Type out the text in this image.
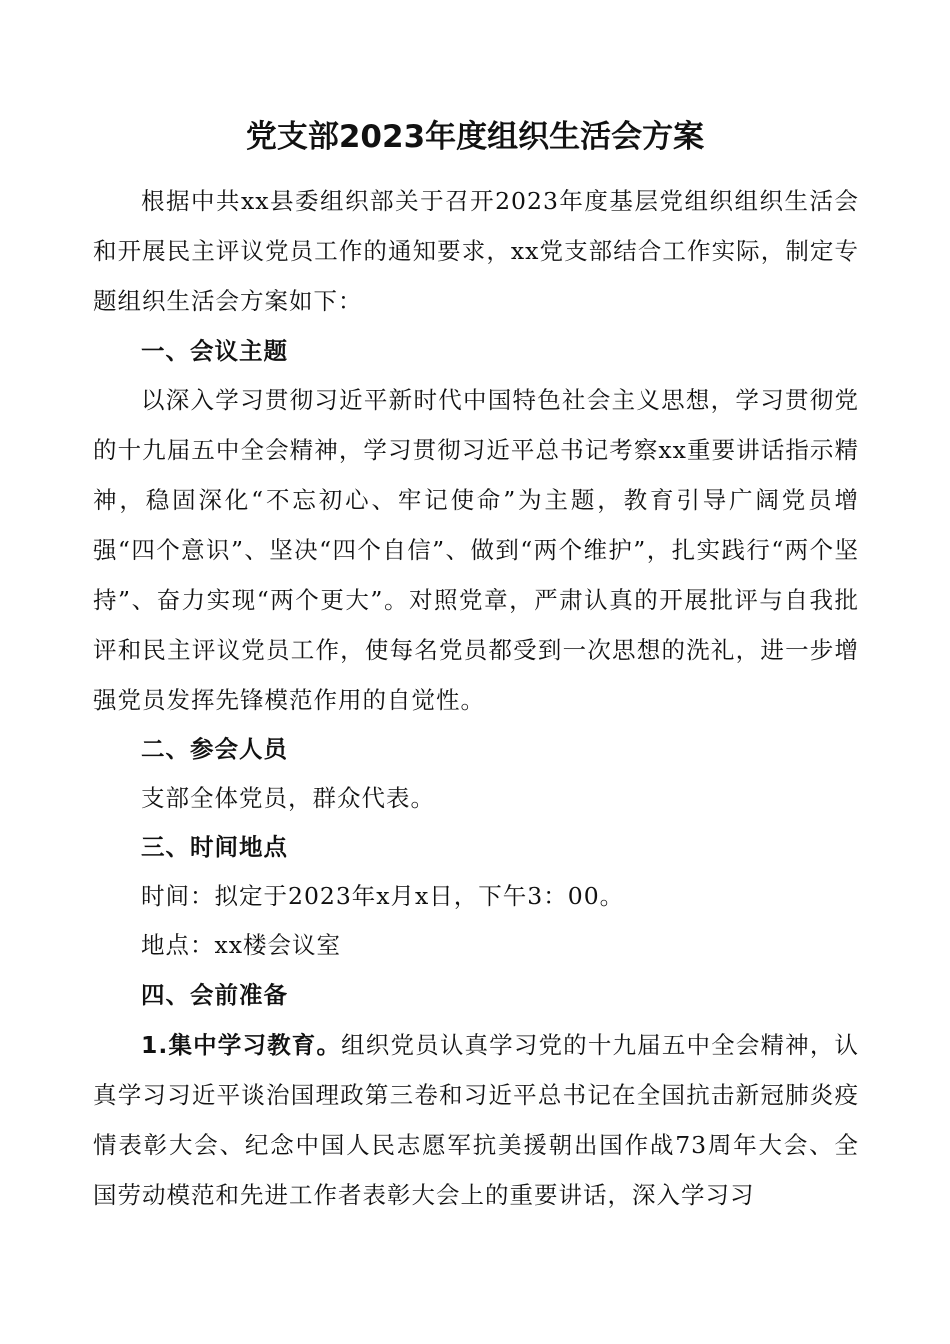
党支部2023年度组织生活会方案
根据中共xx县委组织部关于召开2023年度基层党组织组织生活会和开展民主评议党员工作的通知要求，xx党支部结合工作实际，制定专题组织生活会方案如下：
一、会议主题
以深入学习贯彻习近平新时代中国特色社会主义思想，学习贯彻党的十九届五中全会精神，学习贯彻习近平总书记考察xx重要讲话指示精神，稳固深化“不忘初心、牢记使命”为主题，教育引导广阔党员增强“四个意识”、坚决“四个自信”、做到“两个维护”，扎实践行“两个坚持”、奋力实现“两个更大”。对照党章，严肃认真的开展批评与自我批评和民主评议党员工作，使每名党员都受到一次思想的洗礼，进一步增强党员发挥先锋模范作用的自觉性。
二、参会人员
支部全体党员，群众代表。
三、时间地点
时间：拟定于2023年x月x日，下午3：00。
地点：xx楼会议室
四、会前准备
1.集中学习教育。组织党员认真学习党的十九届五中全会精神，认真学习习近平谈治国理政第三卷和习近平总书记在全国抗击新冠肺炎疫情表彰大会、纪念中国人民志愿军抗美援朝出国作战73周年大会、全国劳动模范和先进工作者表彰大会上的重要讲话，深入学习习
